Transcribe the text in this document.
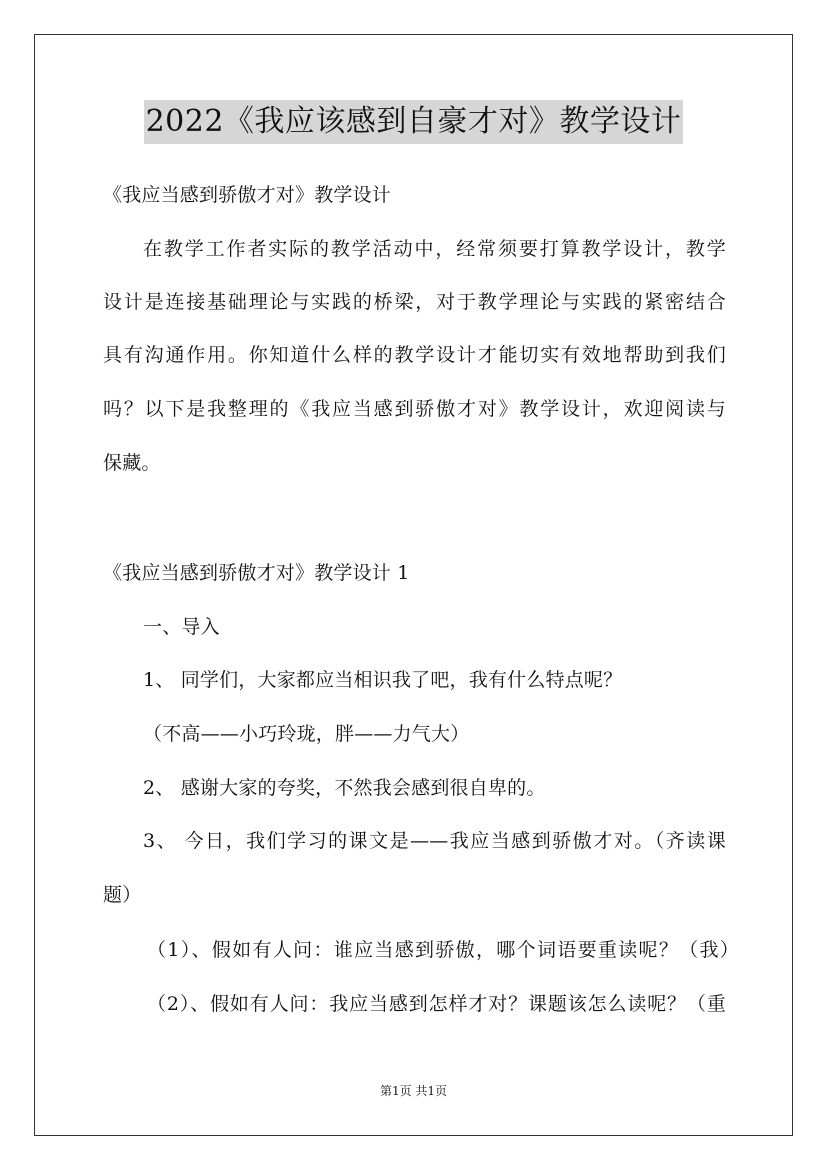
2022《我应该感到自豪才对》教学设计
《我应当感到骄傲才对》教学设计
在教学工作者实际的教学活动中，经常须要打算教学设计，教学
设计是连接基础理论与实践的桥梁，对于教学理论与实践的紧密结合
具有沟通作用。你知道什么样的教学设计才能切实有效地帮助到我们
吗？以下是我整理的《我应当感到骄傲才对》教学设计，欢迎阅读与
保藏。
《我应当感到骄傲才对》教学设计 1
一、导入
1、 同学们，大家都应当相识我了吧，我有什么特点呢？
（不高——小巧玲珑，胖——力气大）
2、 感谢大家的夸奖，不然我会感到很自卑的。
3、 今日，我们学习的课文是——我应当感到骄傲才对。（齐读课
题）
（1）、假如有人问：谁应当感到骄傲，哪个词语要重读呢？（我）
（2）、假如有人问：我应当感到怎样才对？课题该怎么读呢？（重
第1页 共1页
